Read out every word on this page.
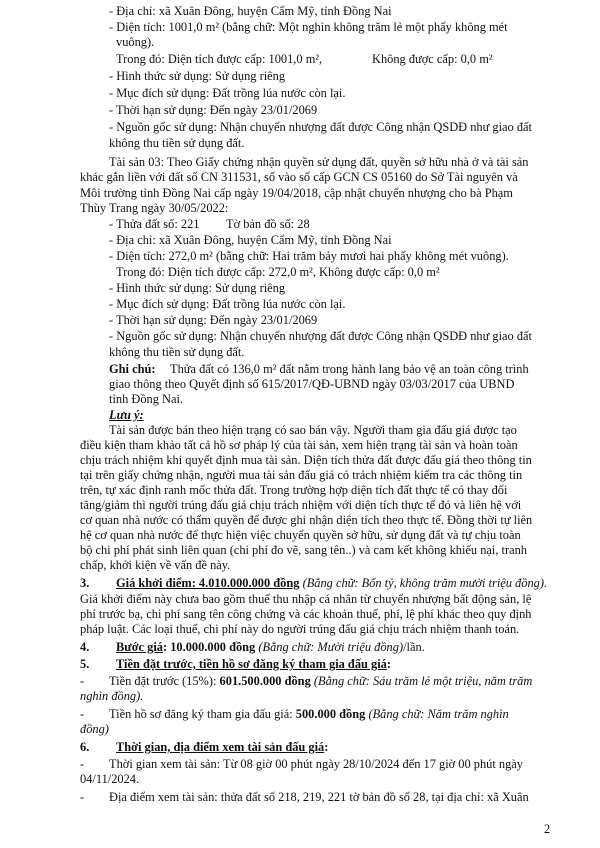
- Địa chỉ: xã Xuân Đông, huyện Cẩm Mỹ, tỉnh Đồng Nai
- Diện tích: 1001,0 m² (bằng chữ: Một nghìn không trăm lẻ một phẩy không mét
vuông).
Trong đó: Diện tích được cấp: 1001,0 m²,	Không được cấp: 0,0 m²
- Hình thức sử dụng: Sử dụng riêng
- Mục đích sử dụng: Đất trồng lúa nước còn lại.
- Thời hạn sử dụng: Đến ngày 23/01/2069
- Nguồn gốc sử dụng: Nhận chuyển nhượng đất được Công nhận QSDĐ như giao đất
không thu tiền sử dụng đất.
Tài sản 03: Theo Giấy chứng nhận quyền sử dụng đất, quyền sở hữu nhà ở và tài sản
khác gắn liền với đất số CN 311531, số vào sổ cấp GCN CS 05160 do Sở Tài nguyên và
Môi trường tỉnh Đồng Nai cấp ngày 19/04/2018, cập nhật chuyển nhượng cho bà Phạm
Thùy Trang ngày 30/05/2022:
- Thửa đất số: 221 Tờ bản đồ số: 28
- Địa chỉ: xã Xuân Đông, huyện Cẩm Mỹ, tỉnh Đồng Nai
- Diện tích: 272,0 m² (bằng chữ: Hai trăm bảy mươi hai phẩy không mét vuông).
Trong đó: Diện tích được cấp: 272,0 m², Không được cấp: 0,0 m²
- Hình thức sử dụng: Sử dụng riêng
- Mục đích sử dụng: Đất trồng lúa nước còn lại.
- Thời hạn sử dụng: Đến ngày 23/01/2069
- Nguồn gốc sử dụng: Nhận chuyển nhượng đất được Công nhận QSDĐ như giao đất
không thu tiền sử dụng đất.
Ghi chú: Thửa đất có 136,0 m² đất nằm trong hành lang bảo vệ an toàn công trình
giao thông theo Quyết định số 615/2017/QĐ-UBND ngày 03/03/2017 của UBND
tỉnh Đồng Nai.
Lưu ý:
Tài sản được bán theo hiện trạng có sao bán vậy. Người tham gia đấu giá được tạo
điều kiện tham khảo tất cả hồ sơ pháp lý của tài sản, xem hiện trạng tài sản và hoàn toàn
chịu trách nhiệm khi quyết định mua tài sản. Diện tích thửa đất được đấu giá theo thông tin
tại trên giấy chứng nhận, người mua tài sản đấu giá có trách nhiệm kiểm tra các thông tin
trên, tự xác định ranh mốc thửa đất. Trong trường hợp diện tích đất thực tế có thay đổi
tăng/giảm thì người trúng đấu giá chịu trách nhiệm với diện tích thực tế đó và liên hệ với
cơ quan nhà nước có thẩm quyền để được ghi nhận diện tích theo thực tế. Đồng thời tự liên
hệ cơ quan nhà nước để thực hiện việc chuyển quyền sở hữu, sử dụng đất và tự chịu toàn
bộ chi phí phát sinh liên quan (chi phí đo vẽ, sang tên..) và cam kết không khiếu nại, tranh
chấp, khởi kiện về vấn đề này.
3. Giá khởi điểm: 4.010.000.000 đồng (Bằng chữ: Bốn tỷ, không trăm mười triệu đồng).
Giá khởi điểm này chưa bao gồm thuế thu nhập cá nhân từ chuyển nhượng bất động sản, lệ
phí trước bạ, chi phí sang tên công chứng và các khoản thuế, phí, lệ phí khác theo quy định
pháp luật. Các loại thuế, chi phí này do người trúng đấu giá chịu trách nhiệm thanh toán.
4. Bước giá: 10.000.000 đồng (Bằng chữ: Mười triệu đồng)/lần.
5. Tiền đặt trước, tiền hồ sơ đăng ký tham gia đấu giá:
- Tiền đặt trước (15%): 601.500.000 đồng (Bằng chữ: Sáu trăm lẻ một triệu, năm trăm
nghìn đồng).
- Tiền hồ sơ đăng ký tham gia đấu giá: 500.000 đồng (Bằng chữ: Năm trăm nghìn
đồng)
6. Thời gian, địa điểm xem tài sản đấu giá:
- Thời gian xem tài sản: Từ 08 giờ 00 phút ngày 28/10/2024 đến 17 giờ 00 phút ngày
04/11/2024.
- Địa điểm xem tài sản: thửa đất số 218, 219, 221 tờ bản đồ số 28, tại địa chỉ: xã Xuân
2
